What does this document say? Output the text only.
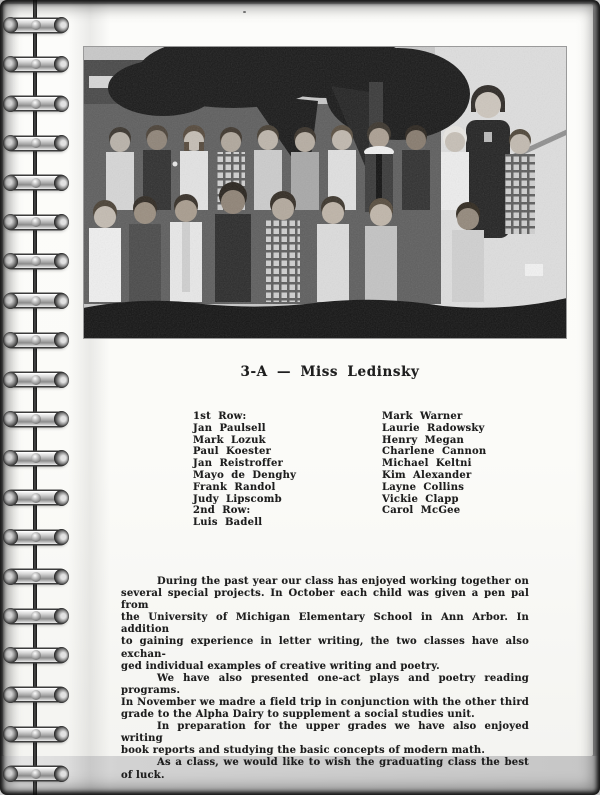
3-A — Miss Ledinsky
1st Row:
Jan Paulsell
Mark Lozuk
Paul Koester
Jan Reistroffer
Mayo de Denghy
Frank Randol
Judy Lipscomb
2nd Row:
Luis Badell
Mark Warner
Laurie Radowsky
Henry Megan
Charlene Cannon
Michael Keltni
Kim Alexander
Layne Collins
Vickie Clapp
Carol McGee
During the past year our class has enjoyed working together on
several special projects. In October each child was given a pen pal from
the University of Michigan Elementary School in Ann Arbor. In addition
to gaining experience in letter writing, the two classes have also exchan-
ged individual examples of creative writing and poetry.
We have also presented one-act plays and poetry reading programs.
In November we madre a field trip in conjunction with the other third
grade to the Alpha Dairy to supplement a social studies unit.
In preparation for the upper grades we have also enjoyed writing
book reports and studying the basic concepts of modern math.
As a class, we would like to wish the graduating class the best
of luck.
